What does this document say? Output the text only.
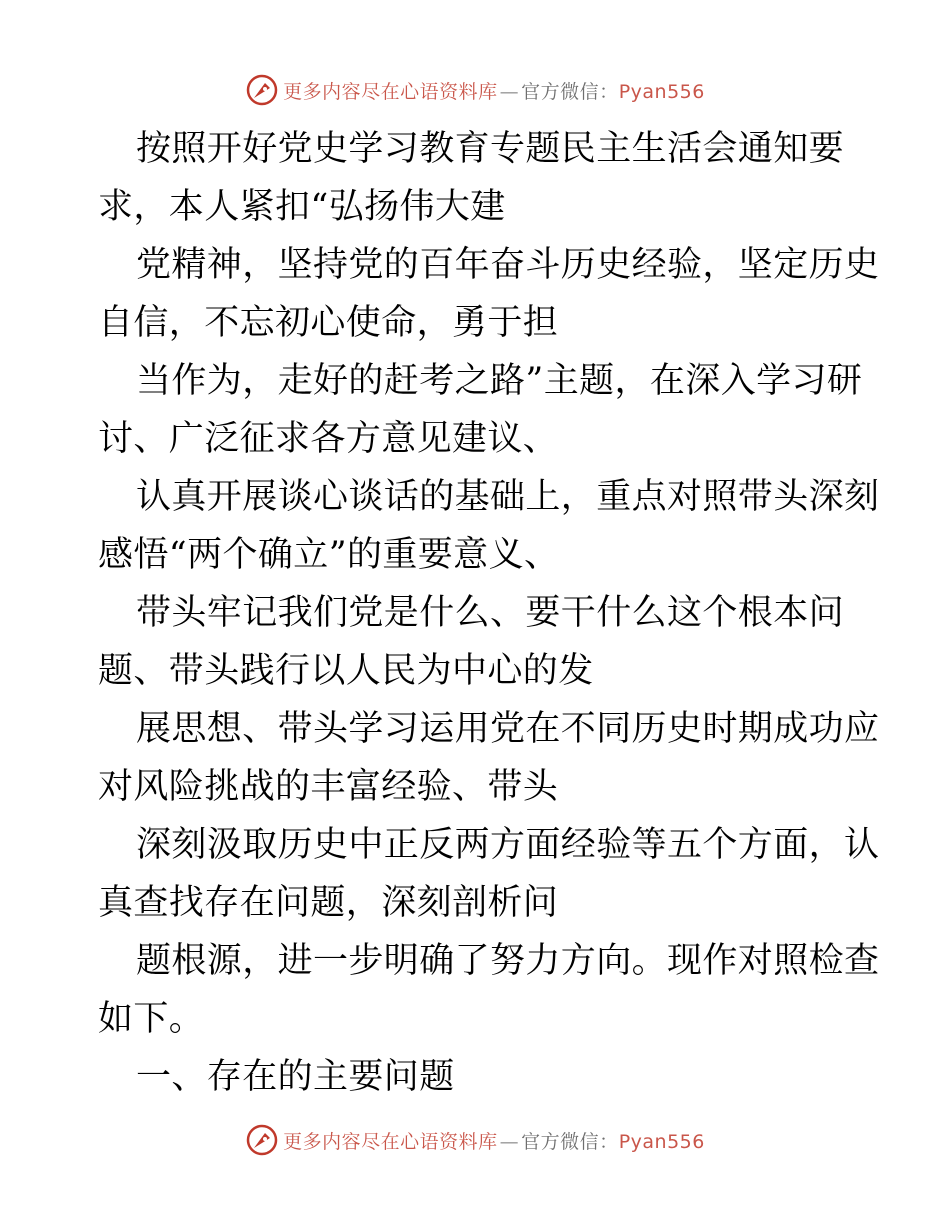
更多内容尽在心语资料库 — 官方微信：Pyan556
按照开好党史学习教育专题民主生活会通知要
求，本人紧扣“弘扬伟大建
党精神，坚持党的百年奋斗历史经验，坚定历史
自信，不忘初心使命，勇于担
当作为，走好的赶考之路”主题，在深入学习研
讨、广泛征求各方意见建议、
认真开展谈心谈话的基础上，重点对照带头深刻
感悟“两个确立”的重要意义、
带头牢记我们党是什么、要干什么这个根本问
题、带头践行以人民为中心的发
展思想、带头学习运用党在不同历史时期成功应
对风险挑战的丰富经验、带头
深刻汲取历史中正反两方面经验等五个方面，认
真查找存在问题，深刻剖析问
题根源，进一步明确了努力方向。现作对照检查
如下。
一、存在的主要问题
更多内容尽在心语资料库 — 官方微信：Pyan556
